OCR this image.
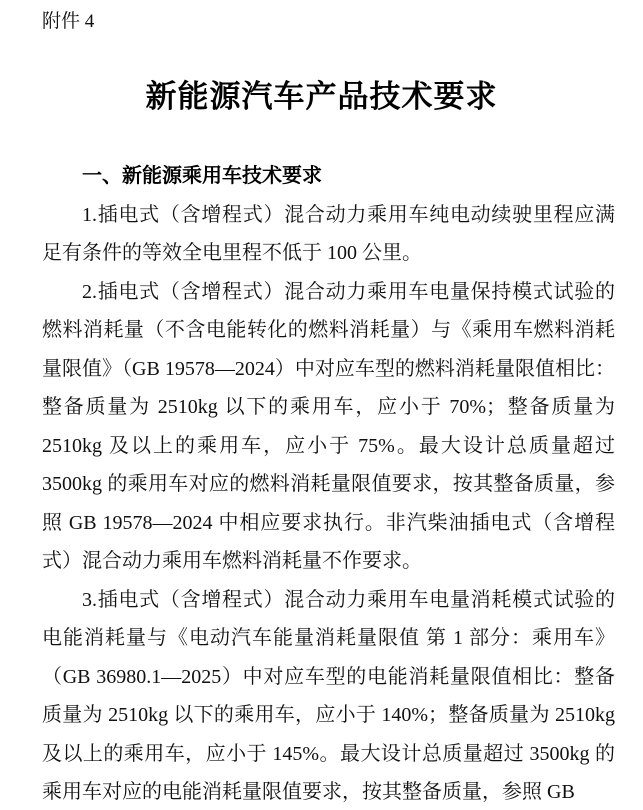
附件 4
新能源汽车产品技术要求
一、新能源乘用车技术要求

1.插电式（含增程式）混合动力乘用车纯电动续驶里程应满足有条件的等效全电里程不低于 100 公里。

2.插电式（含增程式）混合动力乘用车电量保持模式试验的燃料消耗量（不含电能转化的燃料消耗量）与《乘用车燃料消耗量限值》（GB 19578—2024）中对应车型的燃料消耗量限值相比：整备质量为 2510kg 以下的乘用车，应小于 70%；整备质量为 2510kg 及以上的乘用车，应小于 75%。最大设计总质量超过 3500kg 的乘用车对应的燃料消耗量限值要求，按其整备质量，参照 GB 19578—2024 中相应要求执行。非汽柴油插电式（含增程式）混合动力乘用车燃料消耗量不作要求。

3.插电式（含增程式）混合动力乘用车电量消耗模式试验的电能消耗量与《电动汽车能量消耗量限值 第 1 部分：乘用车》（GB 36980.1—2025）中对应车型的电能消耗量限值相比：整备质量为 2510kg 以下的乘用车，应小于 140%；整备质量为 2510kg 及以上的乘用车，应小于 145%。最大设计总质量超过 3500kg 的乘用车对应的电能消耗量限值要求，按其整备质量，参照 GB
